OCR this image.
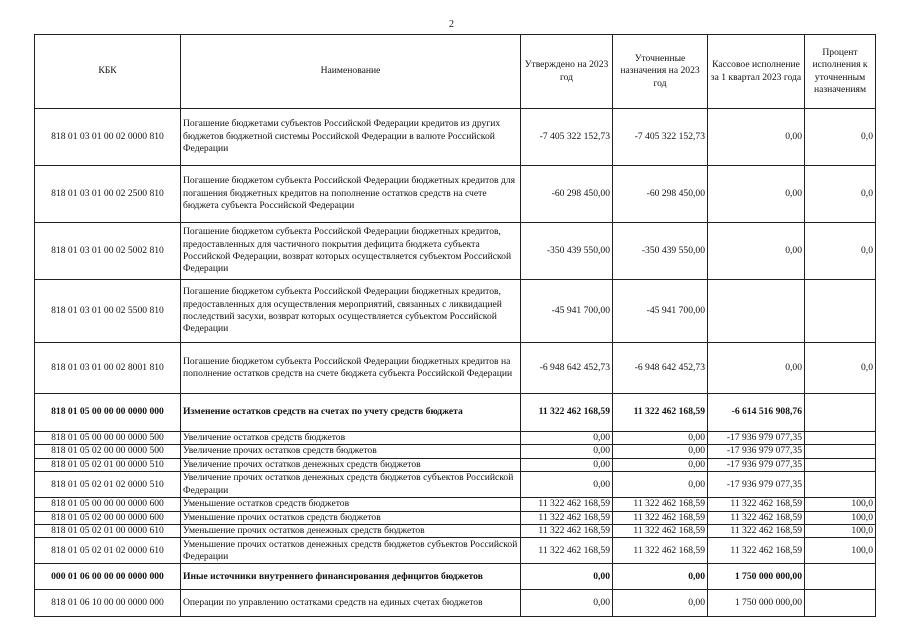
2
КБК	Наименование	Утверждено на 2023 год	Уточненные назначения на 2023 год	Кассовое исполнение за 1 квартал 2023 года	Процент исполнения к уточненным назначениям
818 01 03 01 00 02 0000 810	Погашение бюджетами субъектов Российской Федерации кредитов из других бюджетов бюджетной системы Российской Федерации в валюте Российской Федерации	-7 405 322 152,73	-7 405 322 152,73	0,00	0,0
818 01 03 01 00 02 2500 810	Погашение бюджетом субъекта Российской Федерации бюджетных кредитов для погашения бюджетных кредитов на пополнение остатков средств на счете бюджета субъекта Российской Федерации	-60 298 450,00	-60 298 450,00	0,00	0,0
818 01 03 01 00 02 5002 810	Погашение бюджетом субъекта Российской Федерации бюджетных кредитов, предоставленных для частичного покрытия дефицита бюджета субъекта Российской Федерации, возврат которых осуществляется субъектом Российской Федерации	-350 439 550,00	-350 439 550,00	0,00	0,0
818 01 03 01 00 02 5500 810	Погашение бюджетом субъекта Российской Федерации бюджетных кредитов, предоставленных для осуществления мероприятий, связанных с ликвидацией последствий засухи, возврат которых осуществляется субъектом Российской Федерации	-45 941 700,00	-45 941 700,00		
818 01 03 01 00 02 8001 810	Погашение бюджетом субъекта Российской Федерации бюджетных кредитов на пополнение остатков средств на счете бюджета субъекта Российской Федерации	-6 948 642 452,73	-6 948 642 452,73	0,00	0,0
818 01 05 00 00 00 0000 000	Изменение остатков средств на счетах по учету средств бюджета	11 322 462 168,59	11 322 462 168,59	-6 614 516 908,76	
818 01 05 00 00 00 0000 500	Увеличение остатков средств бюджетов	0,00	0,00	-17 936 979 077,35	
818 01 05 02 00 00 0000 500	Увеличение прочих остатков средств бюджетов	0,00	0,00	-17 936 979 077,35	
818 01 05 02 01 00 0000 510	Увеличение прочих остатков денежных средств бюджетов	0,00	0,00	-17 936 979 077,35	
818 01 05 02 01 02 0000 510	Увеличение прочих остатков денежных средств бюджетов субъектов Российской Федерации	0,00	0,00	-17 936 979 077,35	
818 01 05 00 00 00 0000 600	Уменьшение остатков средств бюджетов	11 322 462 168,59	11 322 462 168,59	11 322 462 168,59	100,0
818 01 05 02 00 00 0000 600	Уменьшение прочих остатков средств бюджетов	11 322 462 168,59	11 322 462 168,59	11 322 462 168,59	100,0
818 01 05 02 01 00 0000 610	Уменьшение прочих остатков денежных средств бюджетов	11 322 462 168,59	11 322 462 168,59	11 322 462 168,59	100,0
818 01 05 02 01 02 0000 610	Уменьшение прочих остатков денежных средств бюджетов субъектов Российской Федерации	11 322 462 168,59	11 322 462 168,59	11 322 462 168,59	100,0
000 01 06 00 00 00 0000 000	Иные источники внутреннего финансирования дефицитов бюджетов	0,00	0,00	1 750 000 000,00	
818 01 06 10 00 00 0000 000	Операции по управлению остатками средств на единых счетах бюджетов	0,00	0,00	1 750 000 000,00	
